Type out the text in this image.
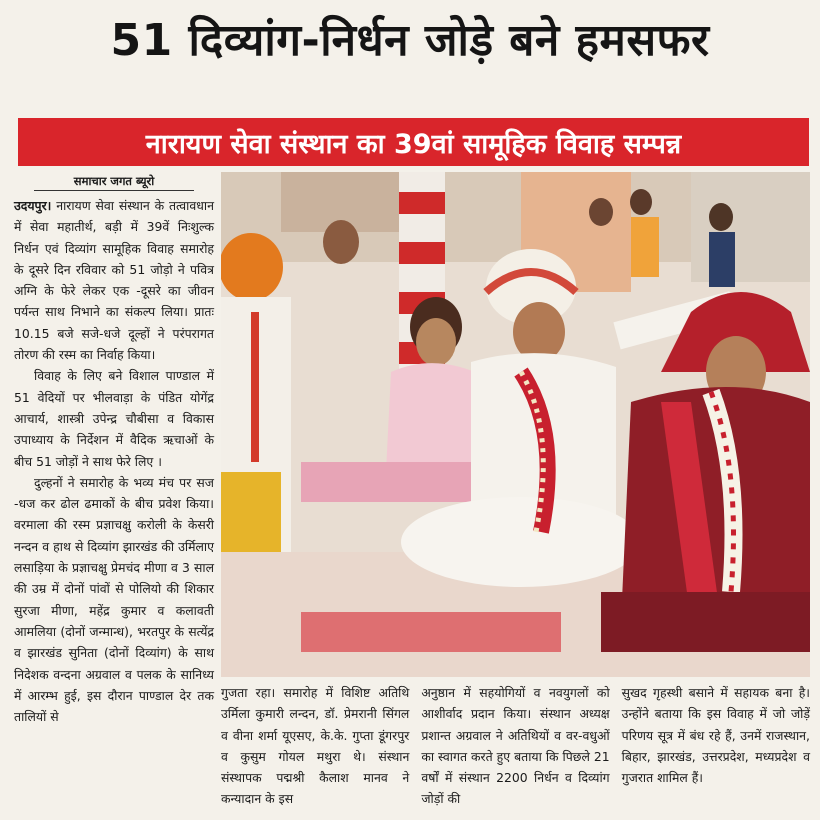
51 दिव्यांग-निर्धन जोड़े बने हमसफर
नारायण सेवा संस्थान का 39वां सामूहिक विवाह सम्पन्न
समाचार जगत ब्यूरो

उदयपुर। नारायण सेवा संस्थान के तत्वावधान में सेवा महातीर्थ, बड़ी में 39वें निःशुल्क निर्धन एवं दिव्यांग सामूहिक विवाह समारोह के दूसरे दिन रविवार को 51 जोड़ो ने पवित्र अग्नि के फेरे लेकर एक -दूसरे का जीवन पर्यन्त साथ निभाने का संकल्प लिया। प्रातः 10.15 बजे सजे-धजे दूल्हों ने परंपरागत तोरण की रस्म का निर्वाह किया।

विवाह के लिए बने विशाल पाण्डाल में 51 वेदियों पर भीलवाड़ा के पंडित योगेंद्र आचार्य, शास्त्री उपेन्द्र चौबीसा व विकास उपाध्याय के निर्देशन में वैदिक ऋचाओं के बीच 51 जोड़ों ने साथ फेरे लिए ।

दुल्हनों ने समारोह के भव्य मंच पर सज -धज कर ढोल ढमाकों के बीच प्रवेश किया। वरमाला की रस्म प्रज्ञाचक्षु करोली के केसरी नन्दन व हाथ से दिव्यांग झारखंड की उर्मिलाए लसाड़िया के प्रज्ञाचक्षु प्रेमचंद मीणा व 3 साल की उम्र में दोनों पांवों से पोलियो की शिकार सुरजा मीणा, महेंद्र कुमार व कलावती आमलिया (दोनों जन्मान्ध), भरतपुर के सत्येंद्र व झारखंड सुनिता (दोनों दिव्यांग) के साथ निदेशक वन्दना अग्रवाल व पलक के सानिध्य में आरम्भ हुई, इस दौरान पाण्डाल देर तक तालियों से

गुजता रहा। समारोह में विशिष्ट अतिथि उर्मिला कुमारी लन्दन, डॉ. प्रेमरानी सिंगल व वीना शर्मा यूएसए, के.के. गुप्ता डूंगरपुर व कुसुम गोयल मथुरा थे। संस्थान संस्थापक पद्मश्री कैलाश मानव ने कन्यादान के इस
अनुष्ठान में सहयोगियों व नवयुगलों को आशीर्वाद प्रदान किया। संस्थान अध्यक्ष प्रशान्त अग्रवाल ने अतिथियों व वर-वधुओं का स्वागत करते हुए बताया कि पिछले 21 वर्षों में संस्थान 2200 निर्धन व दिव्यांग जोड़ों की
सुखद गृहस्थी बसाने में सहायक बना है। उन्होंने बताया कि इस विवाह में जो जोड़ें परिणय सूत्र में बंध रहे हैं, उनमें राजस्थान, बिहार, झारखंड, उत्तरप्रदेश, मध्यप्रदेश व गुजरात शामिल हैं।
